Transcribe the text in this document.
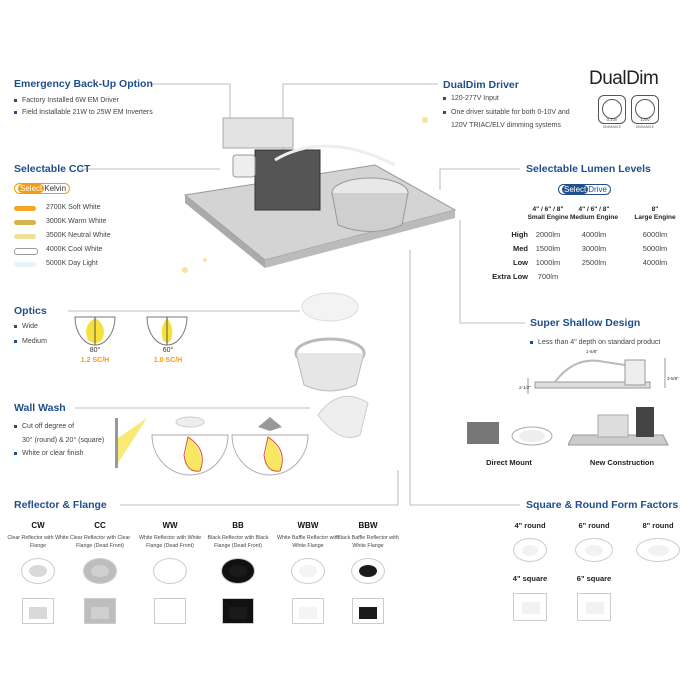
Emergency Back-Up Option
Factory Installed 6W EM Driver
Field Installable 21W to 25W EM Inverters
DualDim Driver
120-277V Input
One driver suitable for both 0-10V and
120V TRIAC/ELV dimming systems
DualDim
0-10V	120V
DIMMABLE	DIMMABLE
Selectable CCT
Select Kelvin
Selectable Lumen Levels
Select Drive
Optics
Wide
Medium
80°
1.2 SC/H
60°
1.0 SC/H
Wall Wash
Cut off degree of
30° (round) & 20° (square)
White or clear finish
Super Shallow Design
Less than 4" depth on standard product
1-5/8"
3-5/8"
2-1/2"
Direct Mount	New Construction
Reflector & Flange	Square & Round Form Factors
2700K Soft White
3000K Warm White
3500K Neutral White
4000K Cool White
5000K Day Light
4" / 6" / 8"
Small Engine
4" / 6" / 8"
Medium Engine
8"
Large Engine
High	2000lm	4000lm	6000lm
Med	1500lm	3000lm	5000lm
Low	1000lm	2500lm	4000lm
Extra Low	700lm
CW
Clear Reflector with White Flange
CC
Clear Reflector with Clear Flange (Dead Front)
WW
White Reflector with White Flange (Dead Front)
BB
Black Reflector with Black Flange (Dead Front)
WBW
White Baffle Reflector with White Flange
BBW
Black Baffle Reflector with White Flange
4" round	6" round	8" round
4" square	6" square
